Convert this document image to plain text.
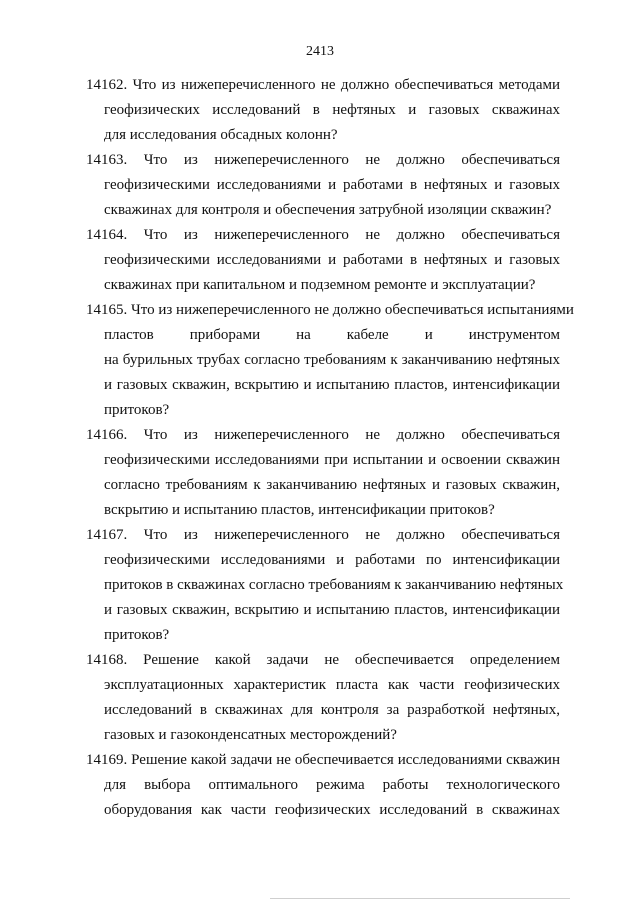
2413
14162. Что из нижеперечисленного не должно обеспечиваться методами
геофизических исследований в нефтяных и газовых скважинах
для исследования обсадных колонн?
14163. Что из нижеперечисленного не должно обеспечиваться
геофизическими исследованиями и работами в нефтяных и газовых
скважинах для контроля и обеспечения затрубной изоляции скважин?
14164. Что из нижеперечисленного не должно обеспечиваться
геофизическими исследованиями и работами в нефтяных и газовых
скважинах при капитальном и подземном ремонте и эксплуатации?
14165. Что из нижеперечисленного не должно обеспечиваться испытаниями
пластов приборами на кабеле и инструментом
на бурильных трубах согласно требованиям к заканчиванию нефтяных
и газовых скважин, вскрытию и испытанию пластов, интенсификации
притоков?
14166. Что из нижеперечисленного не должно обеспечиваться
геофизическими исследованиями при испытании и освоении скважин
согласно требованиям к заканчиванию нефтяных и газовых скважин,
вскрытию и испытанию пластов, интенсификации притоков?
14167. Что из нижеперечисленного не должно обеспечиваться
геофизическими исследованиями и работами по интенсификации
притоков в скважинах согласно требованиям к заканчиванию нефтяных
и газовых скважин, вскрытию и испытанию пластов, интенсификации
притоков?
14168. Решение какой задачи не обеспечивается определением
эксплуатационных характеристик пласта как части геофизических
исследований в скважинах для контроля за разработкой нефтяных,
газовых и газоконденсатных месторождений?
14169. Решение какой задачи не обеспечивается исследованиями скважин
для выбора оптимального режима работы технологического
оборудования как части геофизических исследований в скважинах
